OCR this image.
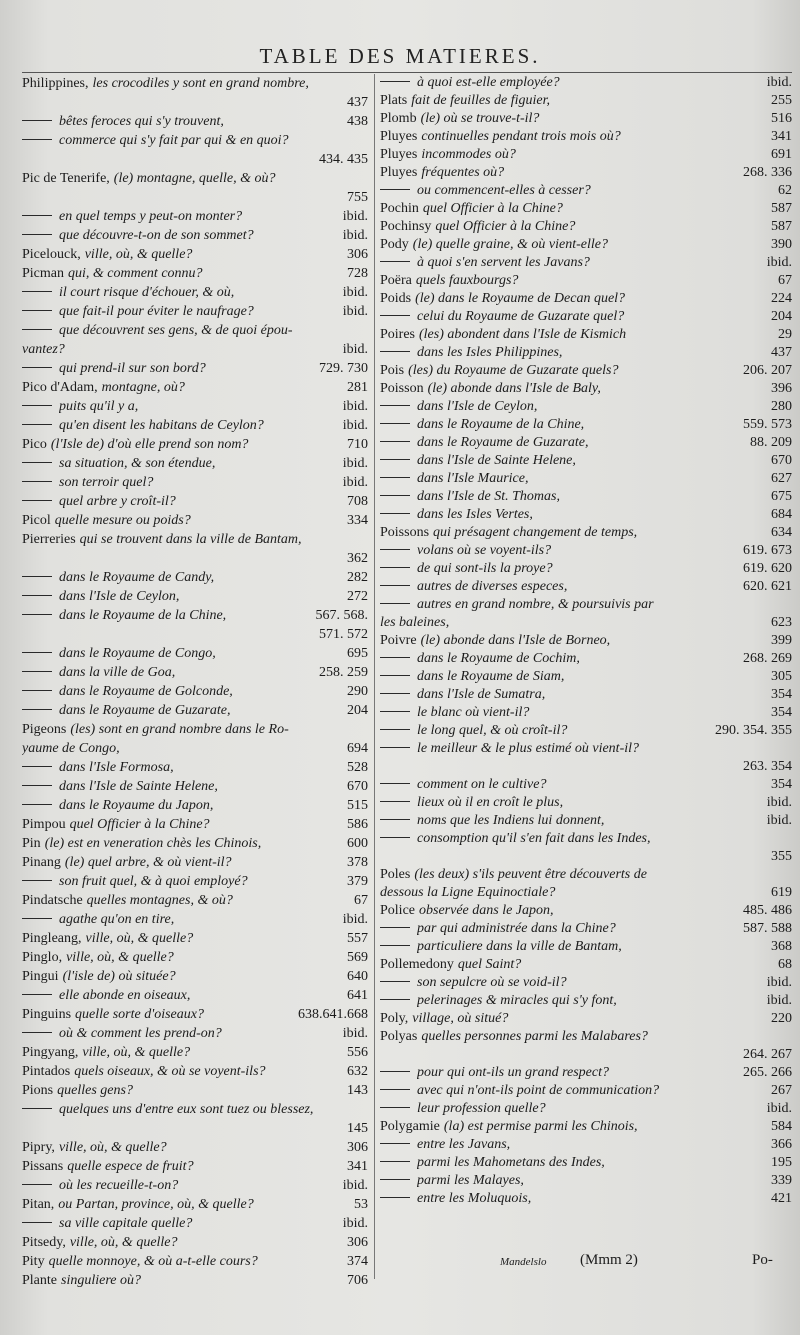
TABLE DES MATIERES.
Philippines, les crocodiles y sont en grand nombre,
437
bêtes feroces qui s'y trouvent,	438
commerce qui s'y fait par qui & en quoi?
434. 435
Pic de Tenerife, (le) montagne, quelle, & où?
755
en quel temps y peut-on monter?	ibid.
que découvre-t-on de son sommet?	ibid.
Picelouck, ville, où, & quelle?	306
Picman qui, & comment connu?	728
il court risque d'échouer, & où,	ibid.
que fait-il pour éviter le naufrage?	ibid.
que découvrent ses gens, & de quoi épou-
vantez?	ibid.
qui prend-il sur son bord?	729. 730
Pico d'Adam, montagne, où?	281
puits qu'il y a,	ibid.
qu'en disent les habitans de Ceylon?	ibid.
Pico (l'Isle de) d'où elle prend son nom?	710
sa situation, & son étendue,	ibid.
son terroir quel?	ibid.
quel arbre y croît-il?	708
Picol quelle mesure ou poids?	334
Pierreries qui se trouvent dans la ville de Bantam,
362
dans le Royaume de Candy,	282
dans l'Isle de Ceylon,	272
dans le Royaume de la Chine,	567. 568.
571. 572
dans le Royaume de Congo,	695
dans la ville de Goa,	258. 259
dans le Royaume de Golconde,	290
dans le Royaume de Guzarate,	204
Pigeons (les) sont en grand nombre dans le Ro-
yaume de Congo,	694
dans l'Isle Formosa,	528
dans l'Isle de Sainte Helene,	670
dans le Royaume du Japon,	515
Pimpou quel Officier à la Chine?	586
Pin (le) est en veneration chès les Chinois,	600
Pinang (le) quel arbre, & où vient-il?	378
son fruit quel, & à quoi employé?	379
Pindatsche quelles montagnes, & où?	67
agathe qu'on en tire,	ibid.
Pingleang, ville, où, & quelle?	557
Pinglo, ville, où, & quelle?	569
Pingui (l'isle de) où située?	640
elle abonde en oiseaux,	641
Pinguins quelle sorte d'oiseaux?	638.641.668
où & comment les prend-on?	ibid.
Pingyang, ville, où, & quelle?	556
Pintados quels oiseaux, & où se voyent-ils?	632
Pions quelles gens?	143
quelques uns d'entre eux sont tuez ou blessez,
145
Pipry, ville, où, & quelle?	306
Pissans quelle espece de fruit?	341
où les recueille-t-on?	ibid.
Pitan, ou Partan, province, où, & quelle?	53
sa ville capitale quelle?	ibid.
Pitsedy, ville, où, & quelle?	306
Pity quelle monnoye, & où a-t-elle cours?	374
Plante singuliere où?	706
à quoi est-elle employée?	ibid.
Plats fait de feuilles de figuier,	255
Plomb (le) où se trouve-t-il?	516
Pluyes continuelles pendant trois mois où?	341
Pluyes incommodes où?	691
Pluyes fréquentes où?	268. 336
ou commencent-elles à cesser?	62
Pochin quel Officier à la Chine?	587
Pochinsy quel Officier à la Chine?	587
Pody (le) quelle graine, & où vient-elle?	390
à quoi s'en servent les Javans?	ibid.
Poëra quels fauxbourgs?	67
Poids (le) dans le Royaume de Decan quel?	224
celui du Royaume de Guzarate quel?	204
Poires (les) abondent dans l'Isle de Kismich	29
dans les Isles Philippines,	437
Pois (les) du Royaume de Guzarate quels?	206. 207
Poisson (le) abonde dans l'Isle de Baly,	396
dans l'Isle de Ceylon,	280
dans le Royaume de la Chine,	559. 573
dans le Royaume de Guzarate,	88. 209
dans l'Isle de Sainte Helene,	670
dans l'Isle Maurice,	627
dans l'Isle de St. Thomas,	675
dans les Isles Vertes,	684
Poissons qui présagent changement de temps,	634
volans où se voyent-ils?	619. 673
de qui sont-ils la proye?	619. 620
autres de diverses especes,	620. 621
autres en grand nombre, & poursuivis par
les baleines,	623
Poivre (le) abonde dans l'Isle de Borneo,	399
dans le Royaume de Cochim,	268. 269
dans le Royaume de Siam,	305
dans l'Isle de Sumatra,	354
le blanc où vient-il?	354
le long quel, & où croît-il?	290. 354. 355
le meilleur & le plus estimé où vient-il?
263. 354
comment on le cultive?	354
lieux où il en croît le plus,	ibid.
noms que les Indiens lui donnent,	ibid.
consomption qu'il s'en fait dans les Indes,
355
Poles (les deux) s'ils peuvent être découverts de
dessous la Ligne Equinoctiale?	619
Police observée dans le Japon,	485. 486
par qui administrée dans la Chine?	587. 588
particuliere dans la ville de Bantam,	368
Pollemedony quel Saint?	68
son sepulcre où se void-il?	ibid.
pelerinages & miracles qui s'y font,	ibid.
Poly, village, où situé?	220
Polyas quelles personnes parmi les Malabares?
264. 267
pour qui ont-ils un grand respect?	265. 266
avec qui n'ont-ils point de communication?	267
leur profession quelle?	ibid.
Polygamie (la) est permise parmi les Chinois,	584
entre les Javans,	366
parmi les Mahometans des Indes,	195
parmi les Malayes,	339
entre les Moluquois,	421
Mandelslo (Mmm 2)	Po-
